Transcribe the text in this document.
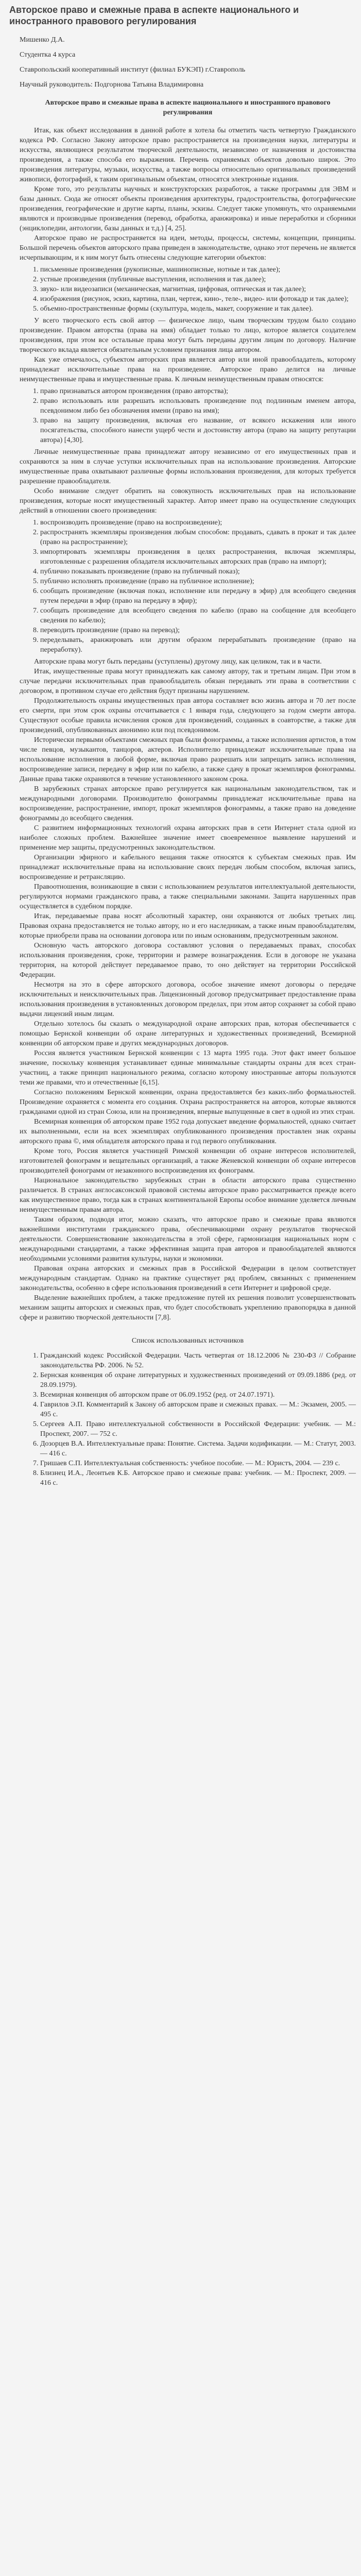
Авторское право и смежные права в аспекте национального и иностранного правового регулирования

Мишенко Д.А.

Студентка 4 курса

Ставропольский кооперативный институт (филиал БУКЭП) г.Ставрополь

Научный руководитель: Подгорнова Татьяна Владимировна

Авторское право и смежные права в аспекте национального и иностранного правового регулирования

Итак, как объект исследования в данной работе я хотела бы отметить часть четвертую Гражданского кодекса РФ. Согласно Закону авторское право распространяется на произведения науки, литературы и искусства, являющиеся результатом творческой деятельности, независимо от назначения и достоинства произведения, а также способа его выражения. Перечень охраняемых объектов довольно широк. Это произведения литературы, музыки, искусства, а также вопросы относительно оригинальных произведений живописи, фотографий, к таким оригинальным объектам, относятся электронные издания.

Кроме того, это результаты научных и конструкторских разработок, а также программы для ЭВМ и базы данных. Сюда же относят объекты произведения архитектуры, градостроительства, фотографические произведения, географические и другие карты, планы, эскизы. Следует также упомянуть, что охраняемыми являются и производные произведения (перевод, обработка, аранжировка) и иные переработки и сборники (энциклопедии, антологии, базы данных и т.д.) [4, 25].

Авторское право не распространяется на идеи, методы, процессы, системы, концепции, принципы. Большой перечень объектов авторского права приведен в законодательстве, однако этот перечень не является исчерпывающим, и к ним могут быть отнесены следующие категории объектов:

1. письменные произведения (рукописные, машинописные, нотные и так далее);
2. устные произведения (публичные выступления, исполнения и так далее);
3. звуко- или видеозаписи (механическая, магнитная, цифровая, оптическая и так далее);
4. изображения (рисунок, эскиз, картина, план, чертеж, кино-, теле-, видео- или фотокадр и так далее);
5. объемно-пространственные формы (скульптура, модель, макет, сооружение и так далее).

У всего творческого есть свой автор — физическое лицо, чьим творческим трудом было создано произведение. Правом авторства (права на имя) обладает только то лицо, которое является создателем произведения, при этом все остальные права могут быть переданы другим лицам по договору. Наличие творческого вклада является обязательным условием признания лица автором.

Как уже отмечалось, субъектом авторских прав является автор или иной правообладатель, которому принадлежат исключительные права на произведение. Авторское право делится на личные неимущественные права и имущественные права. К личным неимущественным правам относятся:

1. право признаваться автором произведения (право авторства);
2. право использовать или разрешать использовать произведение под подлинным именем автора, псевдонимом либо без обозначения имени (право на имя);
3. право на защиту произведения, включая его название, от всякого искажения или иного посягательства, способного нанести ущерб чести и достоинству автора (право на защиту репутации автора) [4,30].

Личные неимущественные права принадлежат автору независимо от его имущественных прав и сохраняются за ним в случае уступки исключительных прав на использование произведения. Авторские имущественные права охватывают различные формы использования произведения, для которых требуется разрешение правообладателя.

Особо внимание следует обратить на совокупность исключительных прав на использование произведения, которые носят имущественный характер. Автор имеет право на осуществление следующих действий в отношении своего произведения:

1. воспроизводить произведение (право на воспроизведение);
2. распространять экземпляры произведения любым способом: продавать, сдавать в прокат и так далее (право на распространение);
3. импортировать экземпляры произведения в целях распространения, включая экземпляры, изготовленные с разрешения обладателя исключительных авторских прав (право на импорт);
4. публично показывать произведение (право на публичный показ);
5. публично исполнять произведение (право на публичное исполнение);
6. сообщать произведение (включая показ, исполнение или передачу в эфир) для всеобщего сведения путем передачи в эфир (право на передачу в эфир);
7. сообщать произведение для всеобщего сведения по кабелю (право на сообщение для всеобщего сведения по кабелю);
8. переводить произведение (право на перевод);
9. переделывать, аранжировать или другим образом перерабатывать произведение (право на переработку).

Авторские права могут быть переданы (уступлены) другому лицу, как целиком, так и в части.

Итак, имущественные права могут принадлежать как самому автору, так и третьим лицам. При этом в случае передачи исключительных прав правообладатель обязан передавать эти права в соответствии с договором, в противном случае его действия будут признаны нарушением.

Продолжительность охраны имущественных прав автора составляет всю жизнь автора и 70 лет после его смерти, при этом срок охраны отсчитывается с 1 января года, следующего за годом смерти автора. Существуют особые правила исчисления сроков для произведений, созданных в соавторстве, а также для произведений, опубликованных анонимно или под псевдонимом.

Исторически первыми объектами смежных прав были фонограммы, а также исполнения артистов, в том числе певцов, музыкантов, танцоров, актеров. Исполнителю принадлежат исключительные права на использование исполнения в любой форме, включая право разрешать или запрещать запись исполнения, воспроизведение записи, передачу в эфир или по кабелю, а также сдачу в прокат экземпляров фонограммы. Данные права также охраняются в течение установленного законом срока.

В зарубежных странах авторское право регулируется как национальным законодательством, так и международными договорами. Производителю фонограммы принадлежат исключительные права на воспроизведение, распространение, импорт, прокат экземпляров фонограммы, а также право на доведение фонограммы до всеобщего сведения.

С развитием информационных технологий охрана авторских прав в сети Интернет стала одной из наиболее сложных проблем. Важнейшее значение имеет своевременное выявление нарушений и применение мер защиты, предусмотренных законодательством.

Организации эфирного и кабельного вещания также относятся к субъектам смежных прав. Им принадлежат исключительные права на использование своих передач любым способом, включая запись, воспроизведение и ретрансляцию.

Правоотношения, возникающие в связи с использованием результатов интеллектуальной деятельности, регулируются нормами гражданского права, а также специальными законами. Защита нарушенных прав осуществляется в судебном порядке.

Итак, передаваемые права носят абсолютный характер, они охраняются от любых третьих лиц. Правовая охрана предоставляется не только автору, но и его наследникам, а также иным правообладателям, которые приобрели права на основании договора или по иным основаниям, предусмотренным законом.

Основную часть авторского договора составляют условия о передаваемых правах, способах использования произведения, сроке, территории и размере вознаграждения. Если в договоре не указана территория, на которой действует передаваемое право, то оно действует на территории Российской Федерации.

Несмотря на это в сфере авторского договора, особое значение имеют договоры о передаче исключительных и неисключительных прав. Лицензионный договор предусматривает предоставление права использования произведения в установленных договором пределах, при этом автор сохраняет за собой право выдачи лицензий иным лицам.

Отдельно хотелось бы сказать о международной охране авторских прав, которая обеспечивается с помощью Бернской конвенции об охране литературных и художественных произведений, Всемирной конвенции об авторском праве и других международных договоров.

Россия является участником Бернской конвенции с 13 марта 1995 года. Этот факт имеет большое значение, поскольку конвенция устанавливает единые минимальные стандарты охраны для всех стран-участниц, а также принцип национального режима, согласно которому иностранные авторы пользуются теми же правами, что и отечественные [6,15].

Согласно положениям Бернской конвенции, охрана предоставляется без каких-либо формальностей. Произведение охраняется с момента его создания. Охрана распространяется на авторов, которые являются гражданами одной из стран Союза, или на произведения, впервые выпущенные в свет в одной из этих стран.

Всемирная конвенция об авторском праве 1952 года допускает введение формальностей, однако считает их выполненными, если на всех экземплярах опубликованного произведения проставлен знак охраны авторского права ©, имя обладателя авторского права и год первого опубликования.

Кроме того, Россия является участницей Римской конвенции об охране интересов исполнителей, изготовителей фонограмм и вещательных организаций, а также Женевской конвенции об охране интересов производителей фонограмм от незаконного воспроизведения их фонограмм.

Национальное законодательство зарубежных стран в области авторского права существенно различается. В странах англосаксонской правовой системы авторское право рассматривается прежде всего как имущественное право, тогда как в странах континентальной Европы особое внимание уделяется личным неимущественным правам автора.

Таким образом, подводя итог, можно сказать, что авторское право и смежные права являются важнейшими институтами гражданского права, обеспечивающими охрану результатов творческой деятельности. Совершенствование законодательства в этой сфере, гармонизация национальных норм с международными стандартами, а также эффективная защита прав авторов и правообладателей являются необходимыми условиями развития культуры, науки и экономики.

Правовая охрана авторских и смежных прав в Российской Федерации в целом соответствует международным стандартам. Однако на практике существует ряд проблем, связанных с применением законодательства, особенно в сфере использования произведений в сети Интернет и цифровой среде.

Выделение важнейших проблем, а также предложение путей их решения позволит усовершенствовать механизм защиты авторских и смежных прав, что будет способствовать укреплению правопорядка в данной сфере и развитию творческой деятельности [7,8].

Список использованных источников
1. Гражданский кодекс Российской Федерации. Часть четвертая от 18.12.2006 № 230-ФЗ // Собрание законодательства РФ. 2006. № 52.
2. Бернская конвенция об охране литературных и художественных произведений от 09.09.1886 (ред. от 28.09.1979).
3. Всемирная конвенция об авторском праве от 06.09.1952 (ред. от 24.07.1971).
4. Гаврилов Э.П. Комментарий к Закону об авторском праве и смежных правах. — М.: Экзамен, 2005. — 495 с.
5. Сергеев А.П. Право интеллектуальной собственности в Российской Федерации: учебник. — М.: Проспект, 2007. — 752 с.
6. Дозорцев В.А. Интеллектуальные права: Понятие. Система. Задачи кодификации. — М.: Статут, 2003. — 416 с.
7. Гришаев С.П. Интеллектуальная собственность: учебное пособие. — М.: Юристъ, 2004. — 239 с.
8. Близнец И.А., Леонтьев К.Б. Авторское право и смежные права: учебник. — М.: Проспект, 2009. — 416 с.
